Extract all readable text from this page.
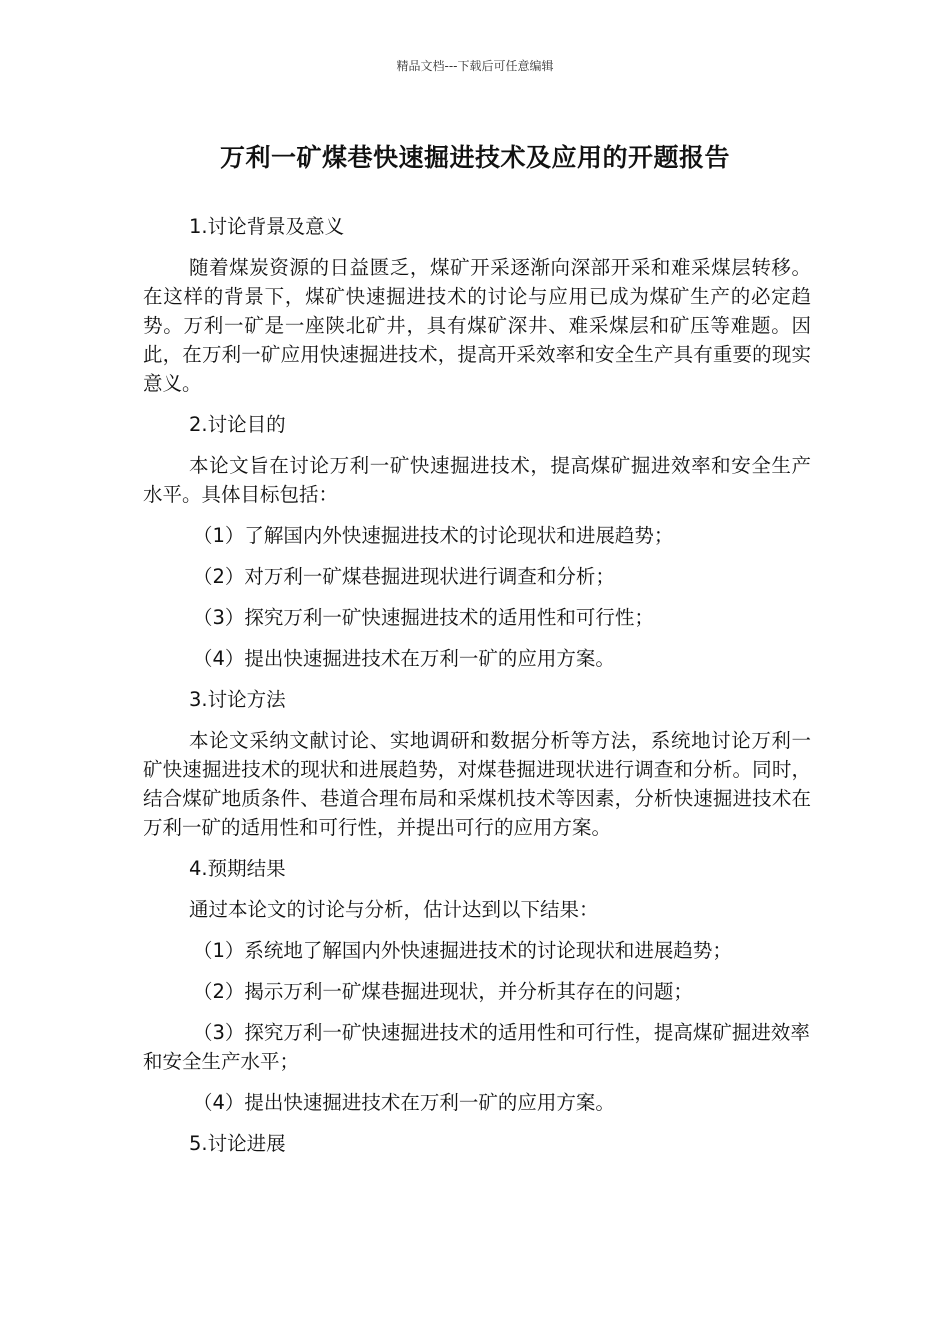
精品文档---下载后可任意编辑
万利一矿煤巷快速掘进技术及应用的开题报告
1.讨论背景及意义
随着煤炭资源的日益匮乏，煤矿开采逐渐向深部开采和难采煤层转移。在这样的背景下，煤矿快速掘进技术的讨论与应用已成为煤矿生产的必定趋势。万利一矿是一座陕北矿井，具有煤矿深井、难采煤层和矿压等难题。因此，在万利一矿应用快速掘进技术，提高开采效率和安全生产具有重要的现实意义。
2.讨论目的
本论文旨在讨论万利一矿快速掘进技术，提高煤矿掘进效率和安全生产水平。具体目标包括：
（1）了解国内外快速掘进技术的讨论现状和进展趋势；
（2）对万利一矿煤巷掘进现状进行调查和分析；
（3）探究万利一矿快速掘进技术的适用性和可行性；
（4）提出快速掘进技术在万利一矿的应用方案。
3.讨论方法
本论文采纳文献讨论、实地调研和数据分析等方法，系统地讨论万利一矿快速掘进技术的现状和进展趋势，对煤巷掘进现状进行调查和分析。同时，结合煤矿地质条件、巷道合理布局和采煤机技术等因素，分析快速掘进技术在万利一矿的适用性和可行性，并提出可行的应用方案。
4.预期结果
通过本论文的讨论与分析，估计达到以下结果：
（1）系统地了解国内外快速掘进技术的讨论现状和进展趋势；
（2）揭示万利一矿煤巷掘进现状，并分析其存在的问题；
（3）探究万利一矿快速掘进技术的适用性和可行性，提高煤矿掘进效率和安全生产水平；
（4）提出快速掘进技术在万利一矿的应用方案。
5.讨论进展
